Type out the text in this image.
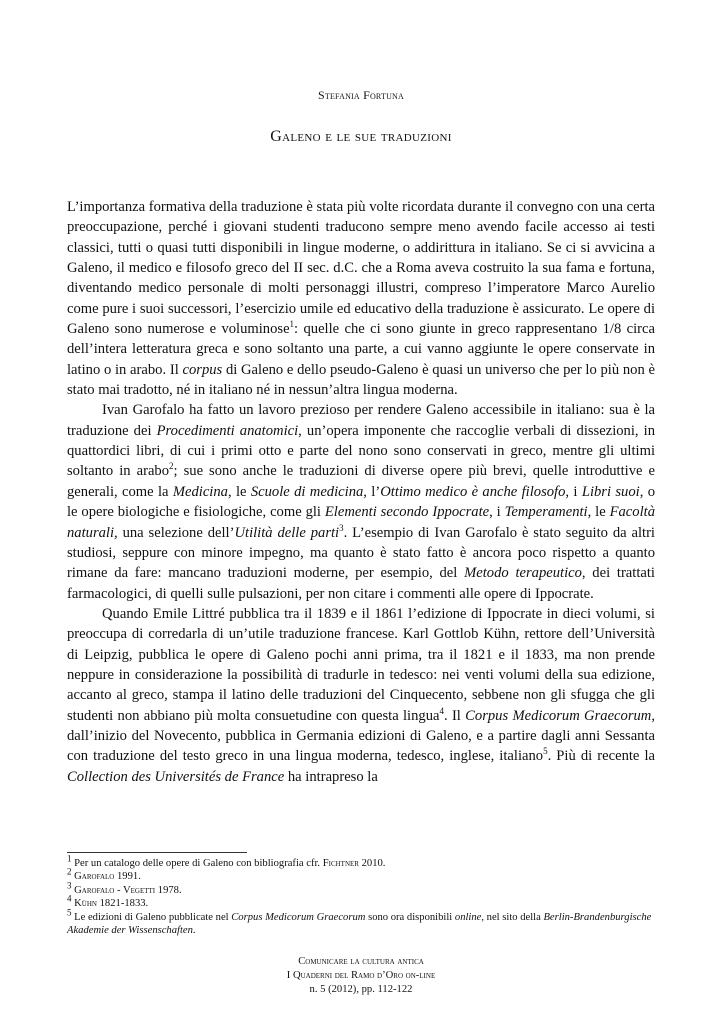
Stefania Fortuna
Galeno e le sue traduzioni

L’importanza formativa della traduzione è stata più volte ricordata durante il convegno con una certa preoccupazione, perché i giovani studenti traducono sempre meno avendo facile accesso ai testi classici, tutti o quasi tutti disponibili in lingue moderne, o addirittura in italiano. Se ci si avvicina a Galeno, il medico e filosofo greco del II sec. d.C. che a Roma aveva costruito la sua fama e fortuna, diventando medico personale di molti personaggi illustri, compreso l’imperatore Marco Aurelio come pure i suoi successori, l’esercizio umile ed educativo della traduzione è assicurato. Le opere di Galeno sono numerose e voluminose$^1$: quelle che ci sono giunte in greco rappresentano 1/8 circa dell’intera letteratura greca e sono soltanto una parte, a cui vanno aggiunte le opere conservate in latino o in arabo. Il corpus di Galeno e dello pseudo-Galeno è quasi un universo che per lo più non è stato mai tradotto, né in italiano né in nessun’altra lingua moderna.

Ivan Garofalo ha fatto un lavoro prezioso per rendere Galeno accessibile in italiano: sua è la traduzione dei Procedimenti anatomici, un’opera imponente che raccoglie verbali di dissezioni, in quattordici libri, di cui i primi otto e parte del nono sono conservati in greco, mentre gli ultimi soltanto in arabo$^2$; sue sono anche le traduzioni di diverse opere più brevi, quelle introduttive e generali, come la Medicina, le Scuole di medicina, l’Ottimo medico è anche filosofo, i Libri suoi, o le opere biologiche e fisiologiche, come gli Elementi secondo Ippocrate, i Temperamenti, le Facoltà naturali, una selezione dell’Utilità delle parti$^3$. L’esempio di Ivan Garofalo è stato seguito da altri studiosi, seppure con minore impegno, ma quanto è stato fatto è ancora poco rispetto a quanto rimane da fare: mancano traduzioni moderne, per esempio, del Metodo terapeutico, dei trattati farmacologici, di quelli sulle pulsazioni, per non citare i commenti alle opere di Ippocrate.

Quando Emile Littré pubblica tra il 1839 e il 1861 l’edizione di Ippocrate in dieci volumi, si preoccupa di corredarla di un’utile traduzione francese. Karl Gottlob Kühn, rettore dell’Università di Leipzig, pubblica le opere di Galeno pochi anni prima, tra il 1821 e il 1833, ma non prende neppure in considerazione la possibilità di tradurle in tedesco: nei venti volumi della sua edizione, accanto al greco, stampa il latino delle traduzioni del Cinquecento, sebbene non gli sfugga che gli studenti non abbiano più molta consuetudine con questa lingua$^4$. Il Corpus Medicorum Graecorum, dall’inizio del Novecento, pubblica in Germania edizioni di Galeno, e a partire dagli anni Sessanta con traduzione del testo greco in una lingua moderna, tedesco, inglese, italiano$^5$. Più di recente la Collection des Universités de France ha intrapreso la

$^1$ Per un catalogo delle opere di Galeno con bibliografia cfr. Fichtner 2010.
$^2$ Garofalo 1991.
$^3$ Garofalo - Vegetti 1978.
$^4$ Kühn 1821-1833.
$^5$ Le edizioni di Galeno pubblicate nel Corpus Medicorum Graecorum sono ora disponibili online, nel sito della Berlin-Brandenburgische Akademie der Wissenschaften.
Comunicare la cultura antica
I Quaderni del Ramo d’Oro on-line
n. 5 (2012), pp. 112-122
